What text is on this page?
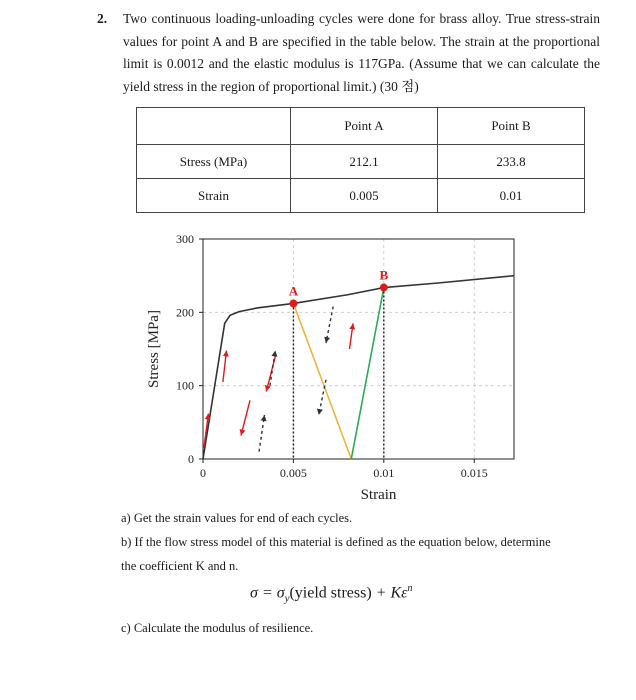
2. Two continuous loading-unloading cycles were done for brass alloy. True stress-strain values for point A and B are specified in the table below. The strain at the proportional limit is 0.0012 and the elastic modulus is 117GPa. (Assume that we can calculate the yield stress in the region of proportional limit.) (30 점)
	Point A	Point B
Stress (MPa)	212.1	233.8
Strain	0.005	0.01
0
100
200
300
0	0.005	0.01	0.015
Strain
Stress [MPa]
A
B
a) Get the strain values for end of each cycles.
b) If the flow stress model of this material is defined as the equation below, determine
the coefficient K and n.
$\sigma = \sigma_y(yield$ stress) + $K\varepsilon^n$
c) Calculate the modulus of resilience.
